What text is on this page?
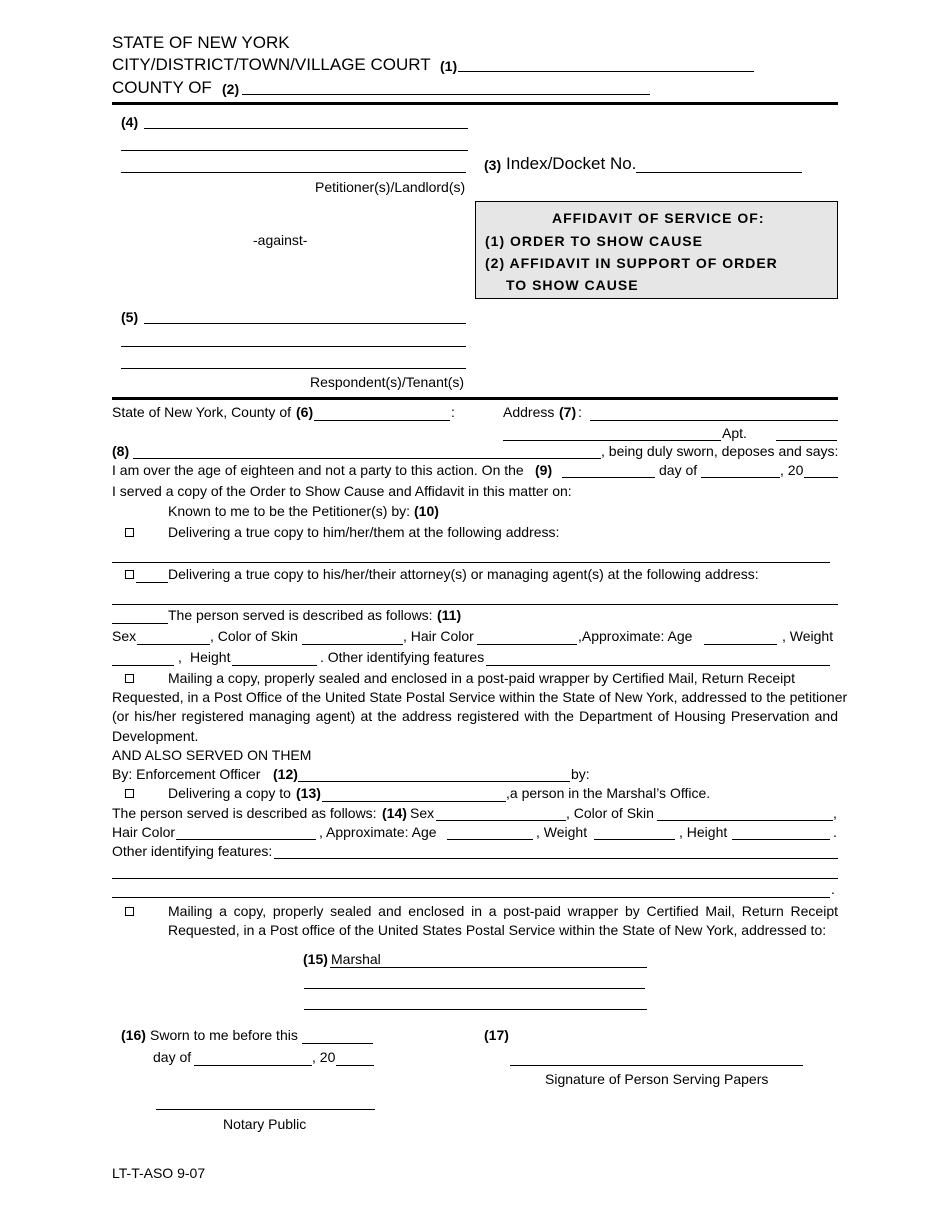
STATE OF NEW YORK
CITY/DISTRICT/TOWN/VILLAGE COURT (1)
COUNTY OF (2)
(4)
Petitioner(s)/Landlord(s)
-against-
(5)
Respondent(s)/Tenant(s)
(3) Index/Docket No.
AFFIDAVIT OF SERVICE OF:
(1) ORDER TO SHOW CAUSE
(2) AFFIDAVIT IN SUPPORT OF ORDER
TO SHOW CAUSE
State of New York, County of (6)	:	Address (7) :
Apt.
(8)	, being duly sworn, deposes and says:
I am over the age of eighteen and not a party to this action. On the (9)	day of	, 20
I served a copy of the Order to Show Cause and Affidavit in this matter on:
Known to me to be the Petitioner(s) by: (10)
Delivering a true copy to him/her/them at the following address:
Delivering a true copy to his/her/their attorney(s) or managing agent(s) at the following address:
The person served is described as follows: (11)
Sex	, Color of Skin	, Hair Color	,Approximate: Age	, Weight
, Height	. Other identifying features
Mailing a copy, properly sealed and enclosed in a post-paid wrapper by Certified Mail, Return Receipt
Requested, in a Post Office of the United State Postal Service within the State of New York, addressed to the petitioner
(or his/her registered managing agent) at the address registered with the Department of Housing Preservation and
Development.
AND ALSO SERVED ON THEM
By: Enforcement Officer (12)	by:
Delivering a copy to (13)	,a person in the Marshal’s Office.
The person served is described as follows: (14) Sex	, Color of Skin	,
Hair Color	, Approximate: Age	, Weight	, Height	.
Other identifying features:
.
Mailing a copy, properly sealed and enclosed in a post-paid wrapper by Certified Mail, Return Receipt
Requested, in a Post office of the United States Postal Service within the State of New York, addressed to:
(15) Marshal
(16) Sworn to me before this
day of	, 20
Notary Public
(17)
Signature of Person Serving Papers
LT-T-ASO 9-07
